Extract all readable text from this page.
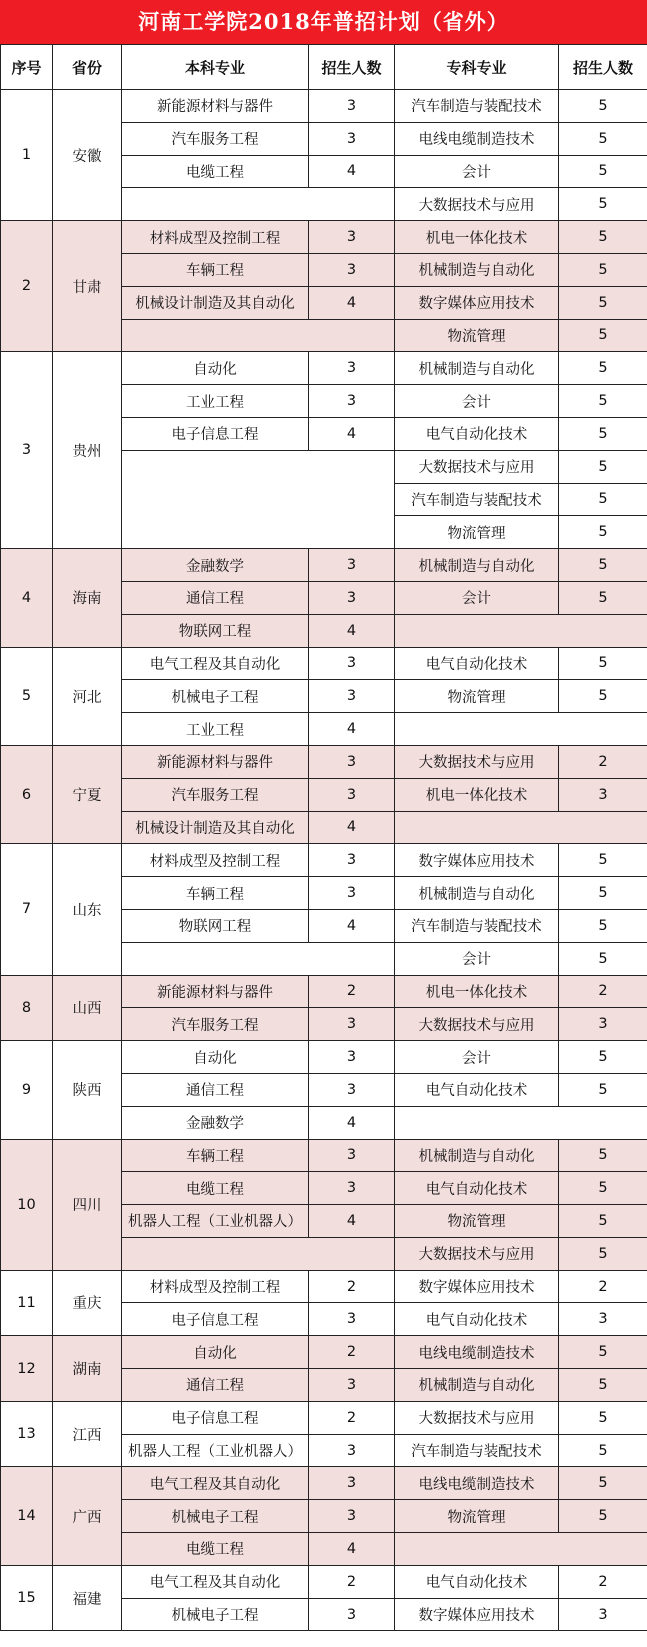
河南工学院2018年普招计划（省外）
序号	省份	本科专业	招生人数	专科专业	招生人数
1	安徽	新能源材料与器件	3	汽车制造与装配技术	5
		汽车服务工程	3	电线电缆制造技术	5
		电缆工程	4	会计	5
				大数据技术与应用	5
2	甘肃	材料成型及控制工程	3	机电一体化技术	5
		车辆工程	3	机械制造与自动化	5
		机械设计制造及其自动化	4	数字媒体应用技术	5
				物流管理	5
3	贵州	自动化	3	机械制造与自动化	5
		工业工程	3	会计	5
		电子信息工程	4	电气自动化技术	5
				大数据技术与应用	5
				汽车制造与装配技术	5
				物流管理	5
4	海南	金融数学	3	机械制造与自动化	5
		通信工程	3	会计	5
		物联网工程	4		
5	河北	电气工程及其自动化	3	电气自动化技术	5
		机械电子工程	3	物流管理	5
		工业工程	4		
6	宁夏	新能源材料与器件	3	大数据技术与应用	2
		汽车服务工程	3	机电一体化技术	3
		机械设计制造及其自动化	4		
7	山东	材料成型及控制工程	3	数字媒体应用技术	5
		车辆工程	3	机械制造与自动化	5
		物联网工程	4	汽车制造与装配技术	5
				会计	5
8	山西	新能源材料与器件	2	机电一体化技术	2
		汽车服务工程	3	大数据技术与应用	3
9	陕西	自动化	3	会计	5
		通信工程	3	电气自动化技术	5
		金融数学	4		
10	四川	车辆工程	3	机械制造与自动化	5
		电缆工程	3	电气自动化技术	5
		机器人工程（工业机器人）	4	物流管理	5
				大数据技术与应用	5
11	重庆	材料成型及控制工程	2	数字媒体应用技术	2
		电子信息工程	3	电气自动化技术	3
12	湖南	自动化	2	电线电缆制造技术	5
		通信工程	3	机械制造与自动化	5
13	江西	电子信息工程	2	大数据技术与应用	5
		机器人工程（工业机器人）	3	汽车制造与装配技术	5
14	广西	电气工程及其自动化	3	电线电缆制造技术	5
		机械电子工程	3	物流管理	5
		电缆工程	4		
15	福建	电气工程及其自动化	2	电气自动化技术	2
		机械电子工程	3	数字媒体应用技术	3
